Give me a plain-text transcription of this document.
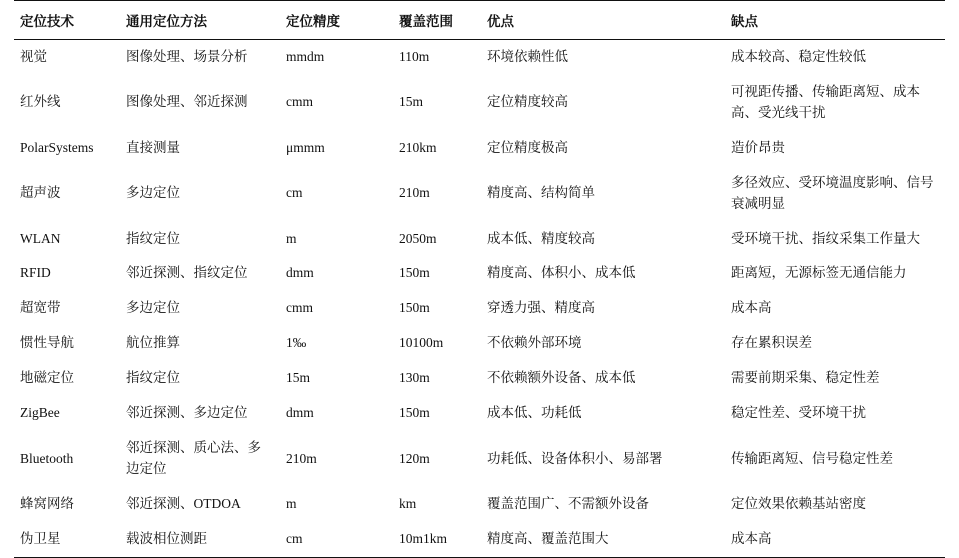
定位技术	通用定位方法	定位精度	覆盖范围	优点	缺点
视觉	图像处理、场景分析	mmdm	110m	环境依赖性低	成本较高、稳定性较低
红外线	图像处理、邻近探测	cmm	15m	定位精度较高	可视距传播、传输距离短、成本高、受光线干扰
PolarSystems	直接测量	μmmm	210km	定位精度极高	造价昂贵
超声波	多边定位	cm	210m	精度高、结构简单	多径效应、受环境温度影响、信号衰减明显
WLAN	指纹定位	m	2050m	成本低、精度较高	受环境干扰、指纹采集工作量大
RFID	邻近探测、指纹定位	dmm	150m	精度高、体积小、成本低	距离短，无源标签无通信能力
超宽带	多边定位	cmm	150m	穿透力强、精度高	成本高
惯性导航	航位推算	1‰	10100m	不依赖外部环境	存在累积误差
地磁定位	指纹定位	15m	130m	不依赖额外设备、成本低	需要前期采集、稳定性差
ZigBee	邻近探测、多边定位	dmm	150m	成本低、功耗低	稳定性差、受环境干扰
Bluetooth	邻近探测、质心法、多边定位	210m	120m	功耗低、设备体积小、易部署	传输距离短、信号稳定性差
蜂窝网络	邻近探测、OTDOA	m	km	覆盖范围广、不需额外设备	定位效果依赖基站密度
伪卫星	载波相位测距	cm	10m1km	精度高、覆盖范围大	成本高
